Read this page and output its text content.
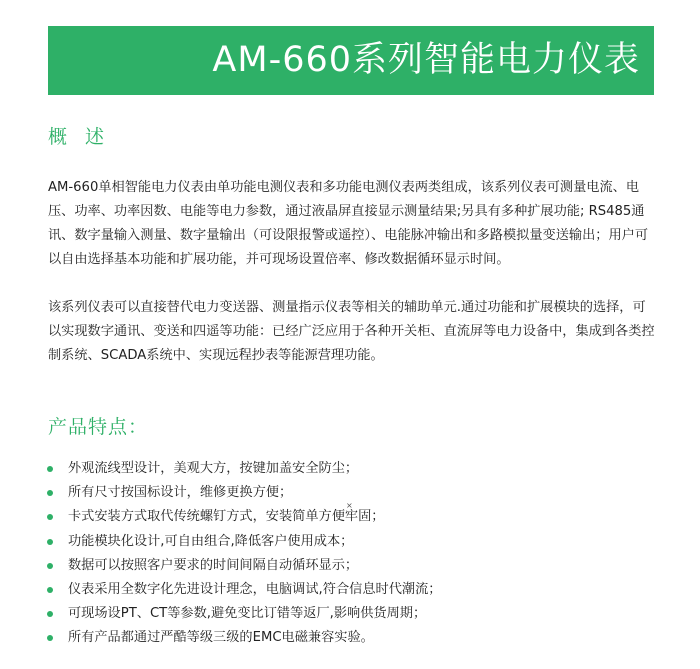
AM-660系列智能电力仪表
概 述
AM-660单相智能电力仪表由单功能电测仪表和多功能电测仪表两类组成，该系列仪表可测量电流、电压、功率、功率因数、电能等电力参数，通过液晶屏直接显示测量结果;另具有多种扩展功能; RS485通讯、数字量输入测量、数字量输出（可设限报警或遥控）、电能脉冲输出和多路模拟量变送输出；用户可以自由选择基本功能和扩展功能，并可现场设置倍率、修改数据循环显示时间。
该系列仪表可以直接替代电力变送器、测量指示仪表等相关的辅助单元.通过功能和扩展模块的选择，可以实现数字通讯、变送和四遥等功能：已经广泛应用于各种开关柜、直流屏等电力设备中，集成到各类控制系统、SCADA系统中、实现远程抄表等能源营理功能。
产品特点：
外观流线型设计，美观大方，按键加盖安全防尘；
所有尺寸按国标设计，维修更换方便；
卡式安装方式取代传统螺钉方式，安装简单方便牢固；
功能模块化设计,可自由组合,降低客户使用成本；
数据可以按照客户要求的时间间隔自动循环显示；
仪表采用全数字化先进设计理念，电脑调试,符合信息时代潮流；
可现场设PT、CT等参数,避免变比订错等返厂,影响供货周期；
所有产品都通过严酷等级三级的EMC电磁兼容实验。
×
